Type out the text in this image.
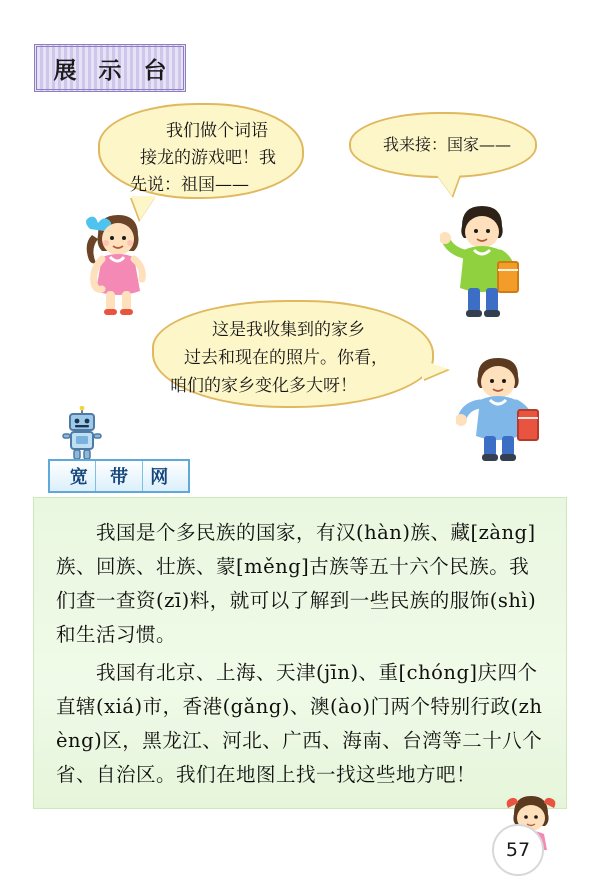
展 示 台
我们做个词语
接龙的游戏吧！我
先说：祖国——
我来接：国家——
这是我收集到的家乡
过去和现在的照片。你看，
咱们的家乡变化多大呀！
宽 带 网

我国是个多民族的国家，有汉(hàn)族、藏[zàng]族、回族、壮族、蒙[měng]古族等五十六个民族。我们查一查资(zī)料，就可以了解到一些民族的服饰(shì)和生活习惯。

我国有北京、上海、天津(jīn)、重[chóng]庆四个直辖(xiá)市，香港(gǎng)、澳(ào)门两个特别行政(zhèng)区，黑龙江、河北、广西、海南、台湾等二十八个省、自治区。我们在地图上找一找这些地方吧！

57
